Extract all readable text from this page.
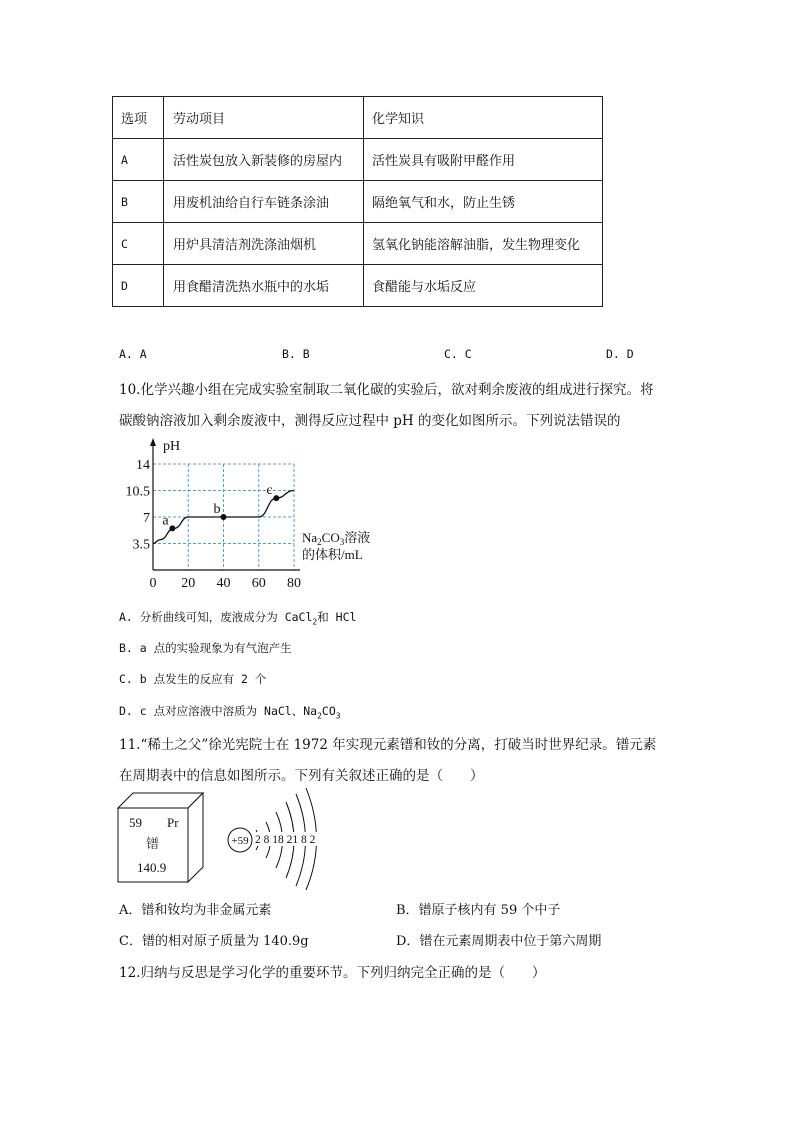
选项	劳动项目	化学知识
A	活性炭包放入新装修的房屋内	活性炭具有吸附甲醛作用
B	用废机油给自行车链条涂油	隔绝氧气和水，防止生锈
C	用炉具清洁剂洗涤油烟机	氢氧化钠能溶解油脂，发生物理变化
D	用食醋清洗热水瓶中的水垢	食醋能与水垢反应
A. A	B. B	C. C	D. D
10.化学兴趣小组在完成实验室制取二氧化碳的实验后，欲对剩余废液的组成进行探究。将
碳酸钠溶液加入剩余废液中，测得反应过程中 pH 的变化如图所示。下列说法错误的
0 20 40 60 80
3.5
7
10.5
14
a
b
c
pH
$Na_2CO_3$溶液
的体积/mL
A. 分析曲线可知，废液成分为 CaCl$_2$和 HCl
B. a 点的实验现象为有气泡产生
C. b 点发生的反应有 2 个
D. c 点对应溶液中溶质为 NaCl、$Na_2CO_3$
11.“稀土之父”徐光宪院士在 1972 年实现元素镨和钕的分离，打破当时世界纪录。镨元素
在周期表中的信息如图所示。下列有关叙述正确的是（　　）
59 Pr
镨
140.9
+59 2 8 18 21 8 2
A．镨和钕均为非金属元素	B．镨原子核内有 59 个中子
C．镨的相对原子质量为 140.9g	D．镨在元素周期表中位于第六周期
12.归纳与反思是学习化学的重要环节。下列归纳完全正确的是（　　）
